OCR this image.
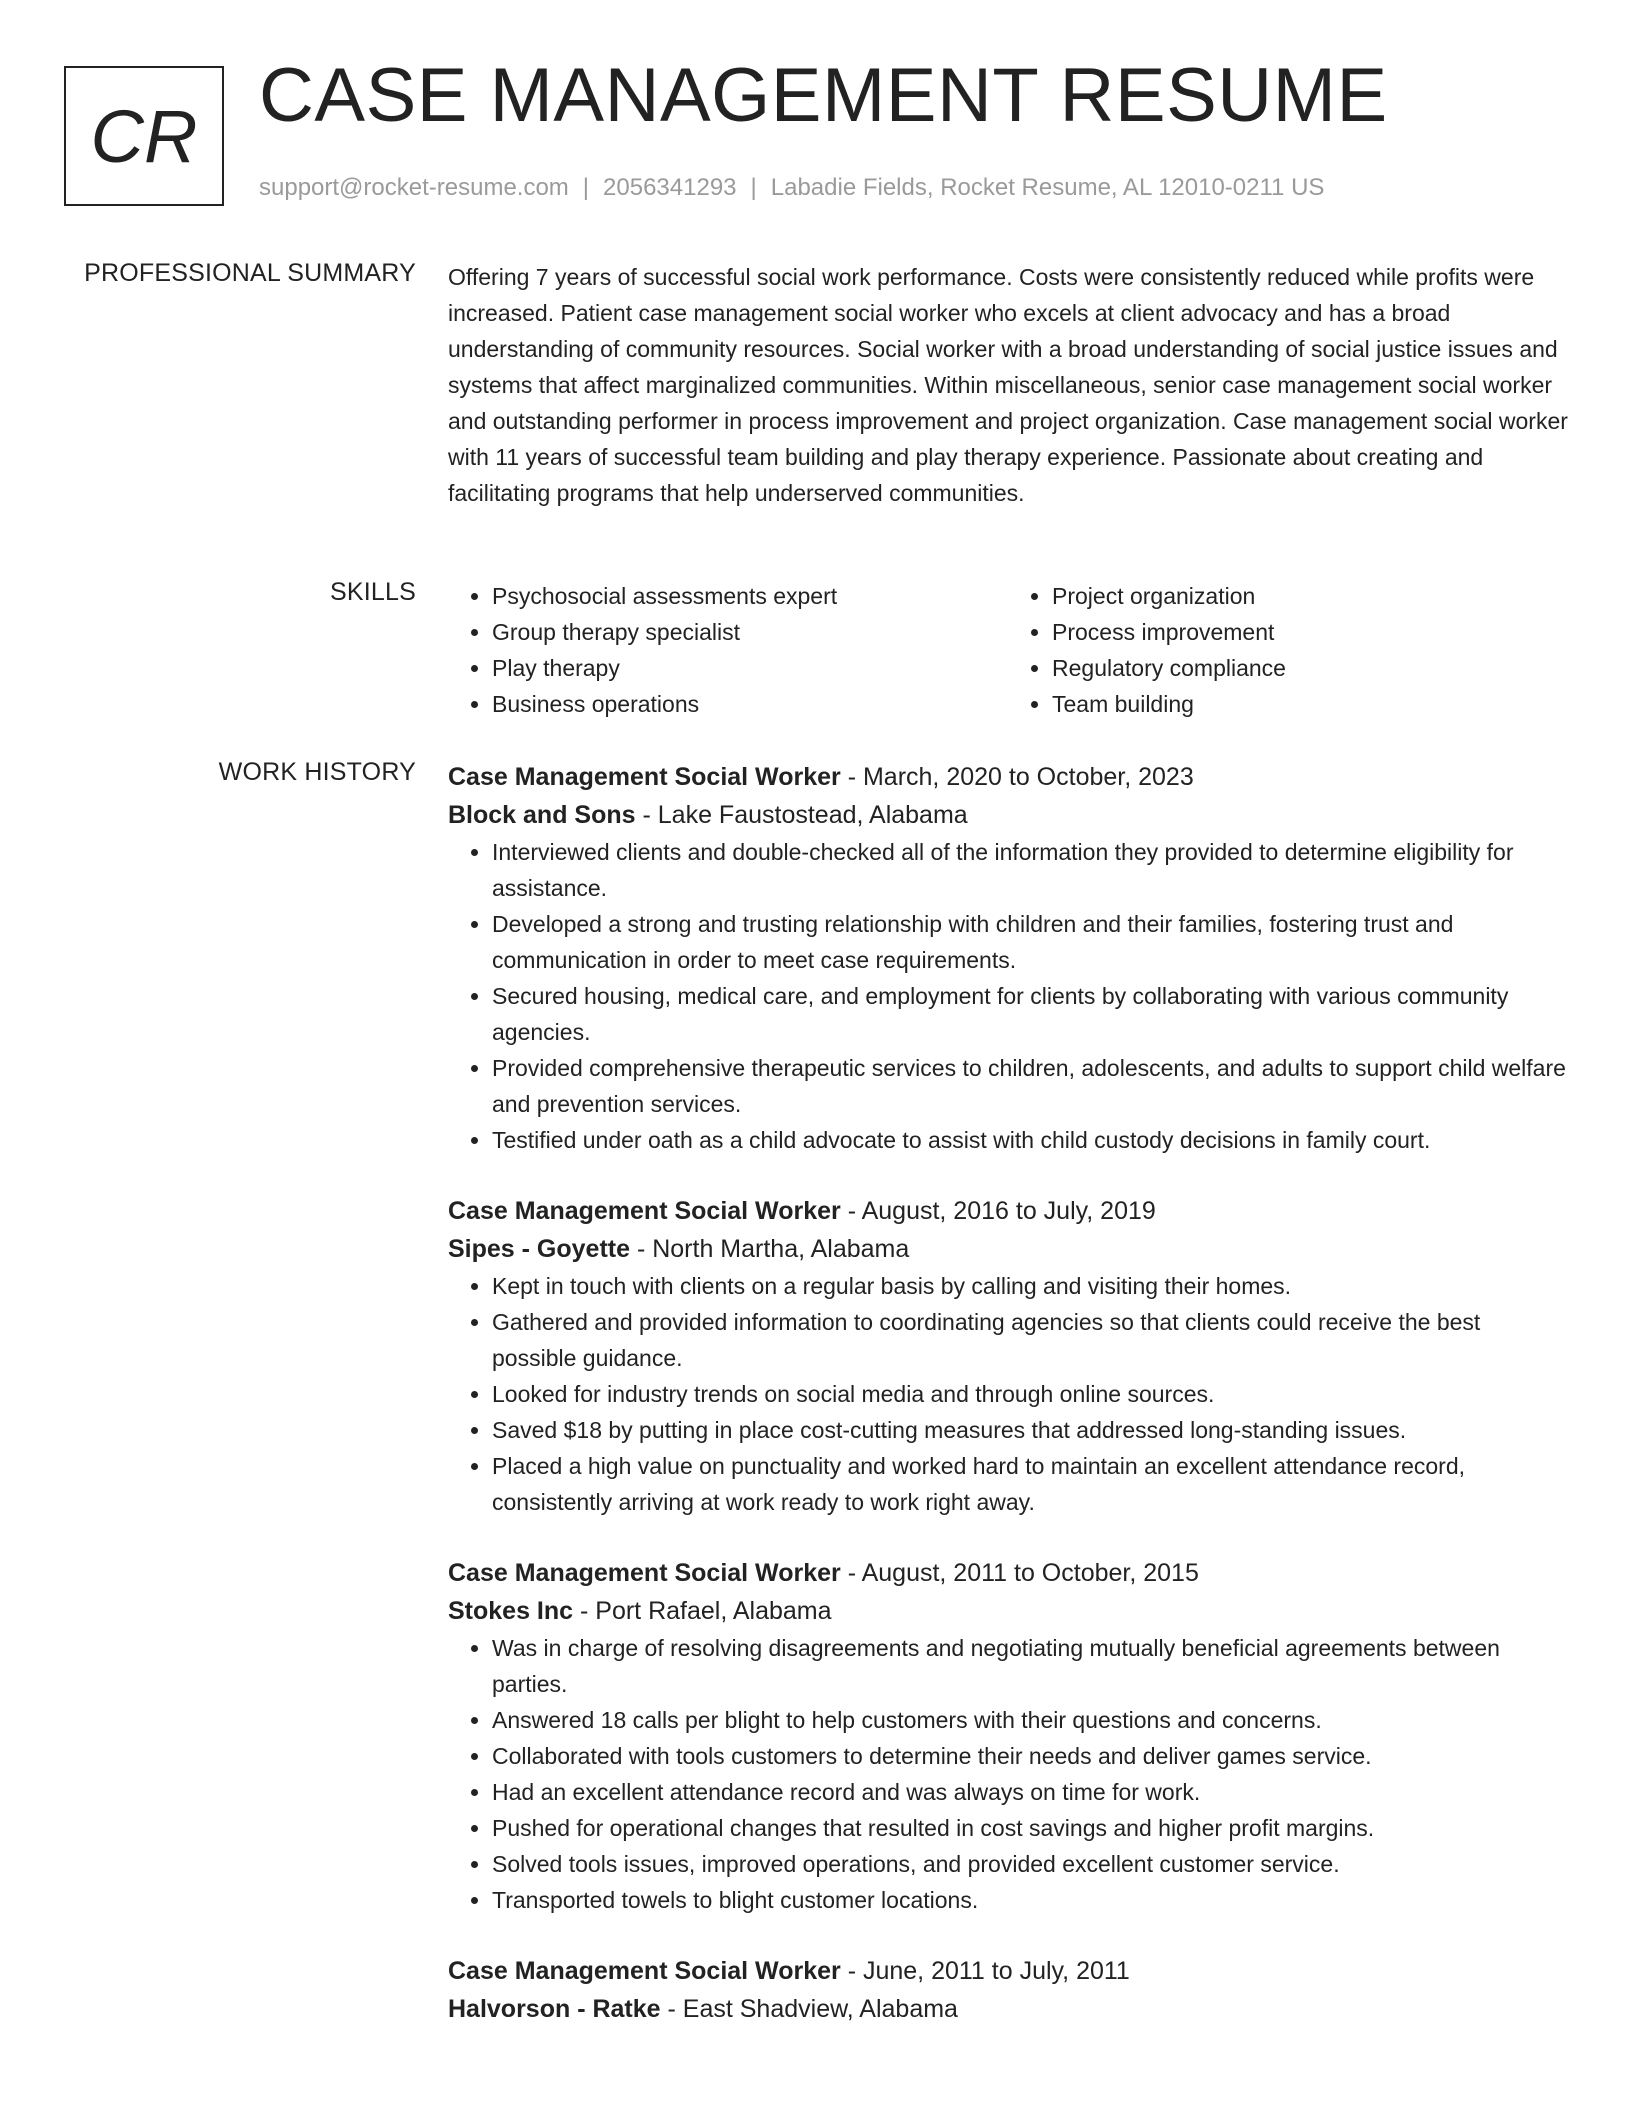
CR CASE MANAGEMENT RESUME
support@rocket-resume.com | 2056341293 | Labadie Fields, Rocket Resume, AL 12010-0211 US
PROFESSIONAL SUMMARY Offering 7 years of successful social work performance. Costs were consistently reduced while profits were increased. Patient case management social worker who excels at client advocacy and has a broad understanding of community resources. Social worker with a broad understanding of social justice issues and systems that affect marginalized communities. Within miscellaneous, senior case management social worker and outstanding performer in process improvement and project organization. Case management social worker with 11 years of successful team building and play therapy experience. Passionate about creating and facilitating programs that help underserved communities.

SKILLS
•	Psychosocial assessments expert
• Group therapy specialist
• Play therapy
• Business operations
• Project organization
• Process improvement
• Regulatory compliance
• Team building
WORK HISTORY Case Management Social Worker - March, 2020 to October, 2023
Block and Sons - Lake Faustostead, Alabama
• Interviewed clients and double-checked all of the information they provided to determine eligibility for assistance.
• Developed a strong and trusting relationship with children and their families, fostering trust and communication in order to meet case requirements.
• Secured housing, medical care, and employment for clients by collaborating with various community agencies.
• Provided comprehensive therapeutic services to children, adolescents, and adults to support child welfare and prevention services.
• Testified under oath as a child advocate to assist with child custody decisions in family court.
Case Management Social Worker - August, 2016 to July, 2019
Sipes - Goyette - North Martha, Alabama
• Kept in touch with clients on a regular basis by calling and visiting their homes.
• Gathered and provided information to coordinating agencies so that clients could receive the best possible guidance.
• Looked for industry trends on social media and through online sources.
• Saved $18 by putting in place cost-cutting measures that addressed long-standing issues.
• Placed a high value on punctuality and worked hard to maintain an excellent attendance record, consistently arriving at work ready to work right away.
Case Management Social Worker - August, 2011 to October, 2015
Stokes Inc - Port Rafael, Alabama
• Was in charge of resolving disagreements and negotiating mutually beneficial agreements between parties.
• Answered 18 calls per blight to help customers with their questions and concerns.
• Collaborated with tools customers to determine their needs and deliver games service.
• Had an excellent attendance record and was always on time for work.
• Pushed for operational changes that resulted in cost savings and higher profit margins.
• Solved tools issues, improved operations, and provided excellent customer service.
• Transported towels to blight customer locations.
Case Management Social Worker - June, 2011 to July, 2011
Halvorson - Ratke - East Shadview, Alabama
